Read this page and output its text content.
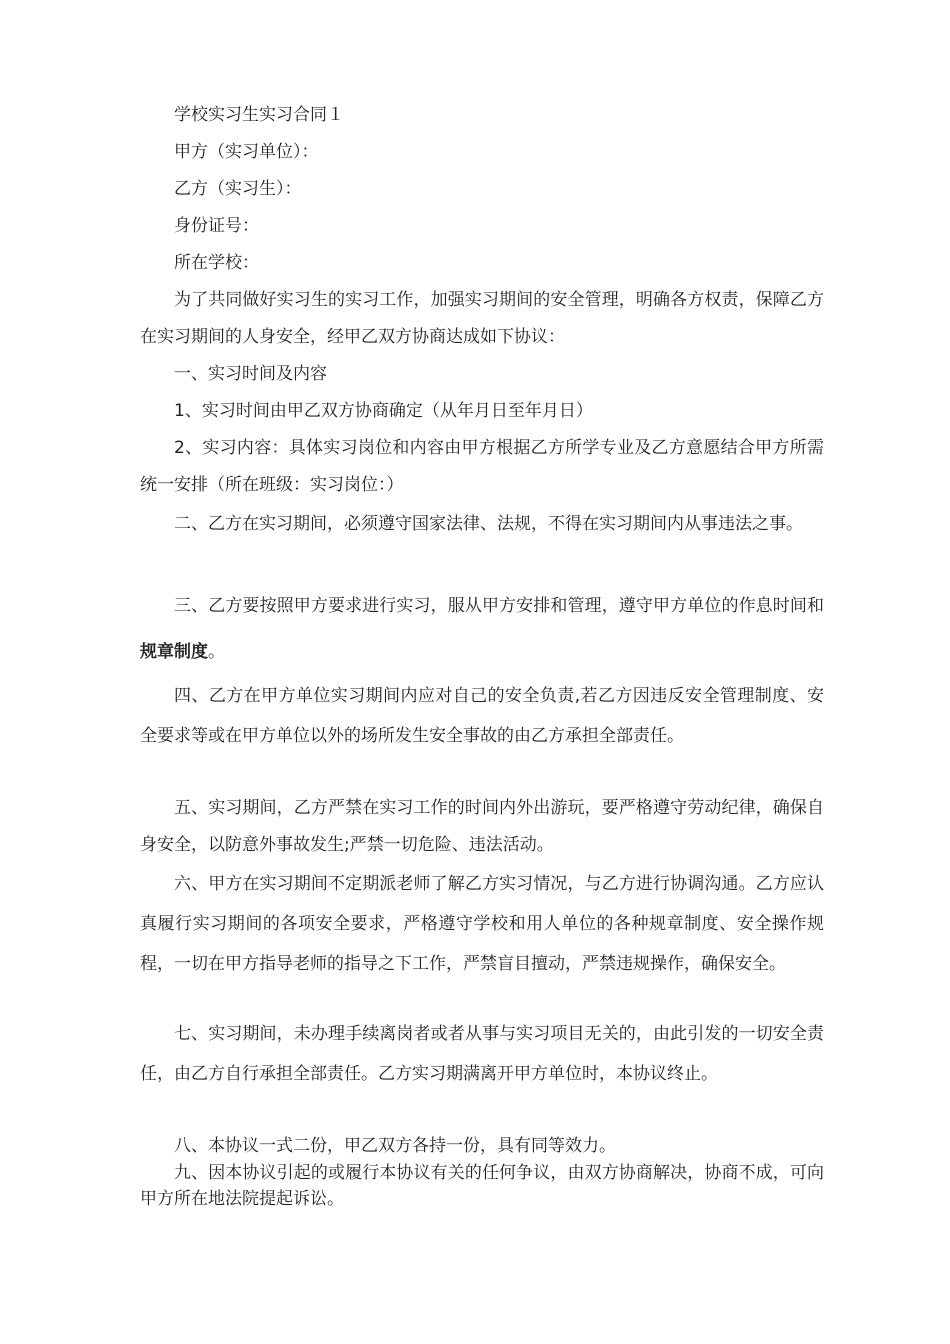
学校实习生实习合同１

甲方（实习单位）：

乙方（实习生）：

身份证号：

所在学校：

为了共同做好实习生的实习工作，加强实习期间的安全管理，明确各方权责，保障乙方在实习期间的人身安全，经甲乙双方协商达成如下协议：

一、实习时间及内容

1、实习时间由甲乙双方协商确定（从年月日至年月日）

2、实习内容：具体实习岗位和内容由甲方根据乙方所学专业及乙方意愿结合甲方所需统一安排（所在班级：实习岗位：）

二、乙方在实习期间，必须遵守国家法律、法规，不得在实习期间内从事违法之事。

三、乙方要按照甲方要求进行实习，服从甲方安排和管理，遵守甲方单位的作息时间和规章制度。

四、乙方在甲方单位实习期间内应对自己的安全负责,若乙方因违反安全管理制度、安全要求等或在甲方单位以外的场所发生安全事故的由乙方承担全部责任。

五、实习期间，乙方严禁在实习工作的时间内外出游玩，要严格遵守劳动纪律，确保自身安全，以防意外事故发生;严禁一切危险、违法活动。

六、甲方在实习期间不定期派老师了解乙方实习情况，与乙方进行协调沟通。乙方应认真履行实习期间的各项安全要求，严格遵守学校和用人单位的各种规章制度、安全操作规程，一切在甲方指导老师的指导之下工作，严禁盲目擅动，严禁违规操作，确保安全。

七、实习期间，未办理手续离岗者或者从事与实习项目无关的，由此引发的一切安全责任，由乙方自行承担全部责任。乙方实习期满离开甲方单位时，本协议终止。

八、本协议一式二份，甲乙双方各持一份，具有同等效力。

九、因本协议引起的或履行本协议有关的任何争议，由双方协商解决，协商不成，可向甲方所在地法院提起诉讼。
